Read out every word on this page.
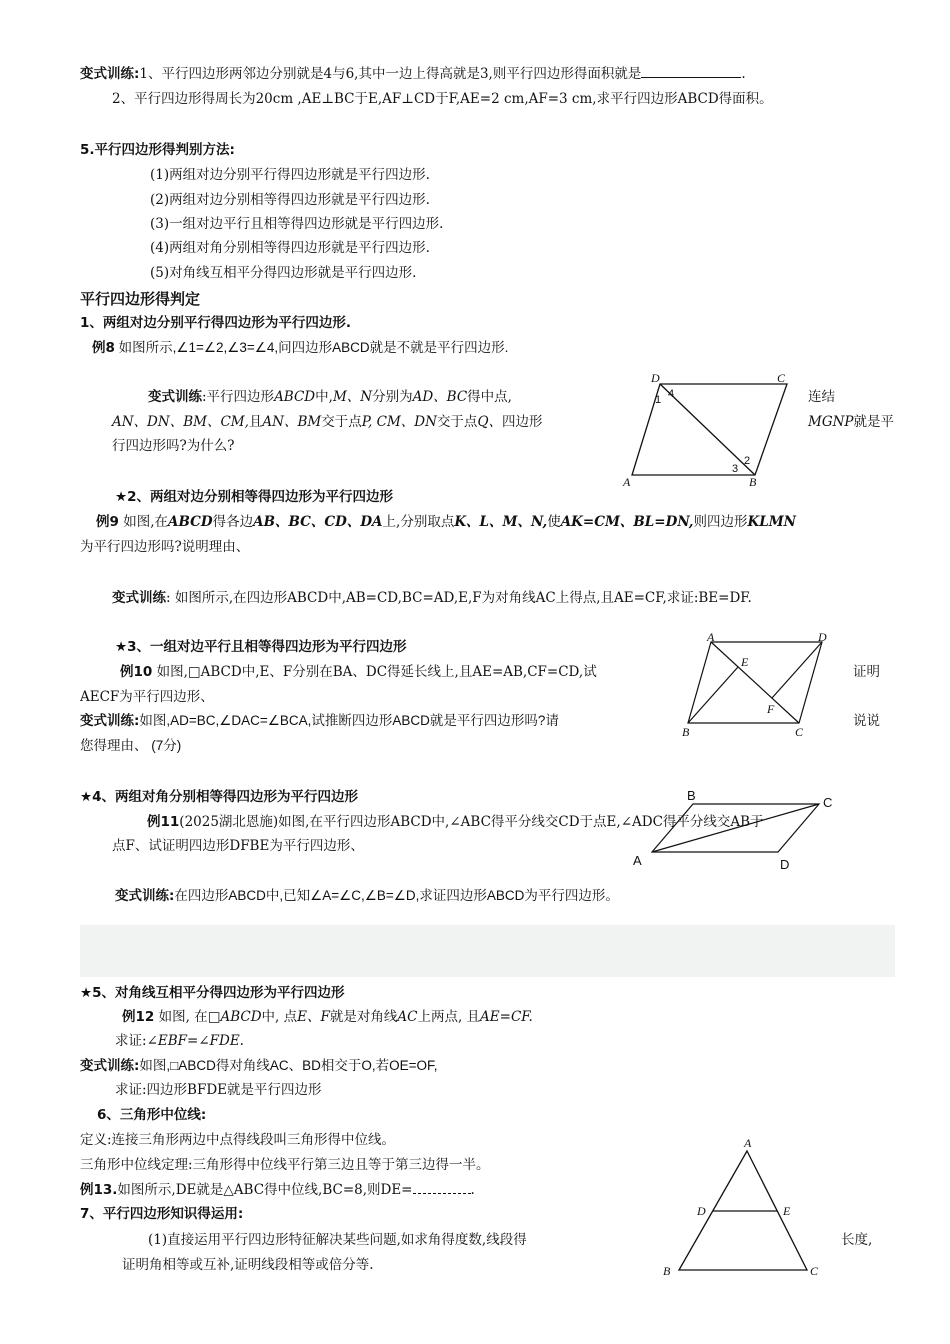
变式训练:1、平行四边形两邻边分别就是4与6,其中一边上得高就是3,则平行四边形得面积就是	.
2、平行四边形得周长为20cm ,AE⊥BC于E,AF⊥CD于F,AE=2 cm,AF=3 cm,求平行四边形ABCD得面积。
5.平行四边形得判别方法:
(1)两组对边分别平行得四边形就是平行四边形.
(2)两组对边分别相等得四边形就是平行四边形.
(3)一组对边平行且相等得四边形就是平行四边形.
(4)两组对角分别相等得四边形就是平行四边形.
(5)对角线互相平分得四边形就是平行四边形.
平行四边形得判定
1、两组对边分别平行得四边形为平行四边形.
例8 如图所示,∠1=∠2,∠3=∠4,问四边形ABCD就是不就是平行四边形.
变式训练:平行四边形ABCD中,M、N分别为AD、BC得中点,	连结
AN、DN、BM、CM,且AN、BM交于点P, CM、DN交于点Q、四边形	MGNP就是平
行四边形吗?为什么?
D	C
A	B
1 4
2
3
★2、两组对边分别相等得四边形为平行四边形
例9 如图,在ABCD得各边AB、BC、CD、DA上,分别取点K、L、M、N,使AK=CM、BL=DN,则四边形KLMN
为平行四边形吗?说明理由、
变式训练: 如图所示,在四边形ABCD中,AB=CD,BC=AD,E,F为对角线AC上得点,且AE=CF,求证:BE=DF.
★3、一组对边平行且相等得四边形为平行四边形
例10 如图,□ABCD中,E、F分别在BA、DC得延长线上,且AE=AB,CF=CD,试	证明
AECF为平行四边形、
变式训练:如图,AD=BC,∠DAC=∠BCA,试推断四边形ABCD就是平行四边形吗?请	说说
您得理由、 (7分)
A	D
E
F
B	C
★4、两组对角分别相等得四边形为平行四边形	B	C
A	D
例11(2025湖北恩施)如图,在平行四边形ABCD中,∠ABC得平分线交CD于点E,∠ADC得平分线交AB于
点F、试证明四边形DFBE为平行四边形、
变式训练:在四边形ABCD中,已知∠A=∠C,∠B=∠D,求证四边形ABCD为平行四边形。
★5、对角线互相平分得四边形为平行四边形
例12 如图, 在□ABCD中, 点E、F就是对角线AC上两点, 且AE=CF.
求证:∠EBF=∠FDE.
变式训练:如图,□ABCD得对角线AC、BD相交于O,若OE=OF,
求证:四边形BFDE就是平行四边形
6、三角形中位线:
定义:连接三角形两边中点得线段叫三角形得中位线。
三角形中位线定理:三角形得中位线平行第三边且等于第三边得一半。
例13.如图所示,DE就是△ABC得中位线,BC=8,则DE=	.
7、平行四边形知识得运用:
(1)直接运用平行四边形特征解决某些问题,如求角得度数,线段得	长度,
证明角相等或互补,证明线段相等或倍分等.
A
D	E
B	C
